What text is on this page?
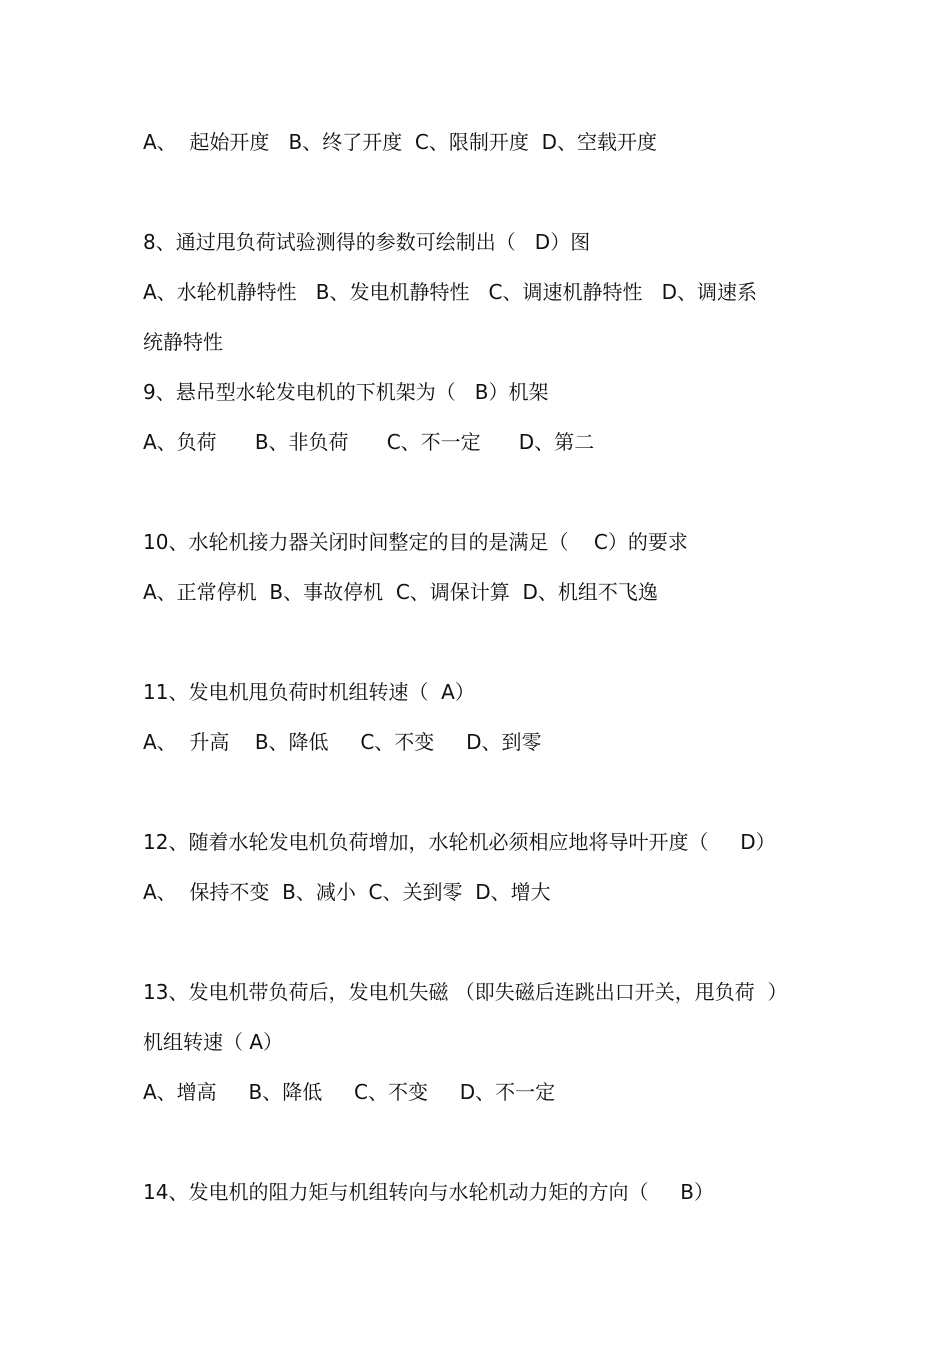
A、  起始开度   B、终了开度  C、限制开度  D、空载开度
8、通过甩负荷试验测得的参数可绘制出（   D）图
A、水轮机静特性   B、发电机静特性   C、调速机静特性   D、调速系
统静特性
9、悬吊型水轮发电机的下机架为（   B）机架
A、负荷      B、非负荷      C、不一定      D、第二
10、水轮机接力器关闭时间整定的目的是满足（    C）的要求
A、正常停机  B、事故停机  C、调保计算  D、机组不飞逸
11、发电机甩负荷时机组转速（  A）
A、  升高    B、降低     C、不变     D、到零
12、随着水轮发电机负荷增加，水轮机必须相应地将导叶开度（     D）
A、  保持不变  B、减小  C、关到零  D、增大
13、发电机带负荷后，发电机失磁 （即失磁后连跳出口开关，甩负荷  ）
机组转速（ A）
A、增高     B、降低     C、不变     D、不一定
14、发电机的阻力矩与机组转向与水轮机动力矩的方向（     B）
